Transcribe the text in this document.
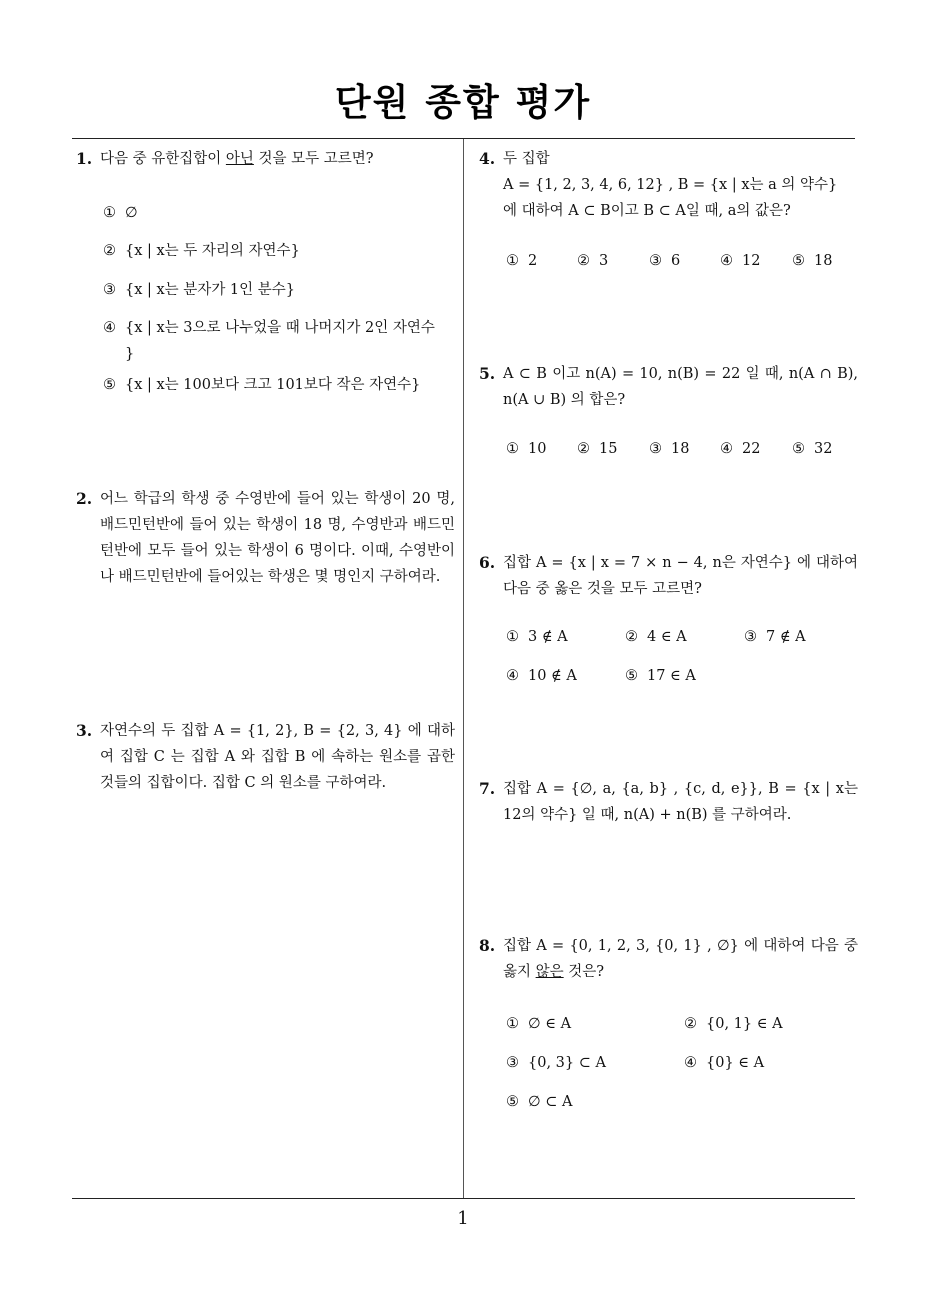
단원 종합 평가
1
1. 다음 중 유한집합이 아닌 것을 모두 고르면?
① ∅
② {x | x는 두 자리의 자연수}
③ {x | x는 분자가 1인 분수}
④ {x | x는 3으로 나누었을 때 나머지가 2인 자연수
}
⑤ {x | x는 100보다 크고 101보다 작은 자연수}
2. 어느 학급의 학생 중 수영반에 들어 있는 학생이 20 명, 배드민턴반에 들어 있는 학생이 18 명, 수영반과 배드민턴반에 모두 들어 있는 학생이 6 명이다. 이때, 수영반이나 배드민턴반에 들어있는 학생은 몇 명인지 구하여라.
3. 자연수의 두 집합 A = {1, 2}, B = {2, 3, 4} 에 대하여 집합 C 는 집합 A 와 집합 B 에 속하는 원소를 곱한 것들의 집합이다. 집합 C 의 원소를 구하여라.
4. 두 집합
A = {1, 2, 3, 4, 6, 12} , B = {x | x는 a 의 약수}
에 대하여 A ⊂ B이고 B ⊂ A일 때, a의 값은?
① 2	② 3	③ 6	④ 12 ⑤ 18
5. A ⊂ B 이고 n(A) = 10, n(B) = 22 일 때, n(A ∩ B), n(A ∪ B) 의 합은?
① 10 ② 15 ③ 18 ④ 22 ⑤ 32
6. 집합 A = {x | x = 7 × n − 4, n은 자연수} 에 대하여 다음 중 옳은 것을 모두 고르면?
① 3 ∉ A	② 4 ∈ A	③ 7 ∉ A
④ 10 ∉ A	⑤ 17 ∈ A
7. 집합 A = {∅, a, {a, b} , {c, d, e}}, B = {x | x는 12의 약수} 일 때, n(A) + n(B) 를 구하여라.
8. 집합 A = {0, 1, 2, 3, {0, 1} , ∅} 에 대하여 다음 중 옳지 않은 것은?
① ∅ ∈ A	② {0, 1} ∈ A
③ {0, 3} ⊂ A	④ {0} ∈ A
⑤ ∅ ⊂ A
